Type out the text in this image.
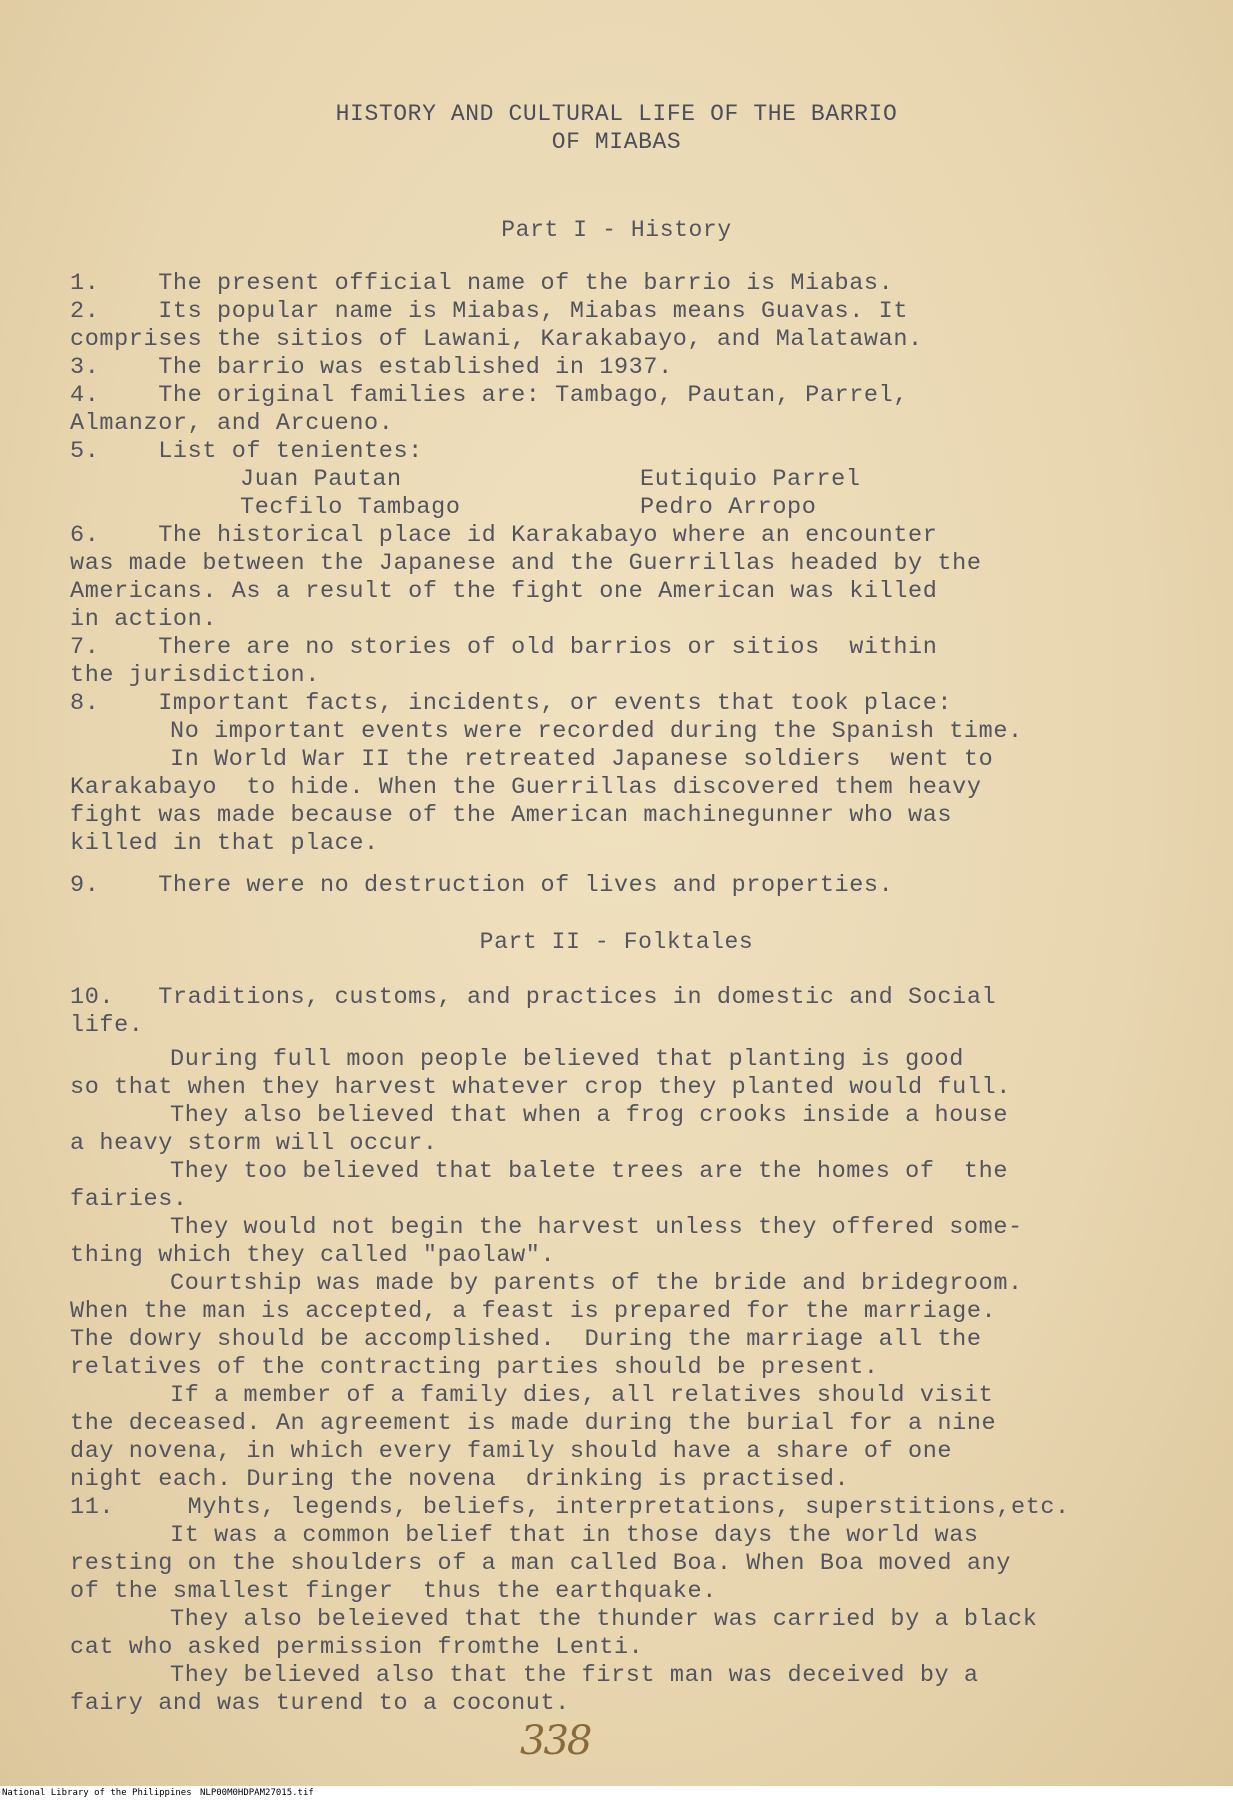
HISTORY AND CULTURAL LIFE OF THE BARRIO
OF MIABAS
Part I - History
1.    The present official name of the barrio is Miabas.
2.    Its popular name is Miabas, Miabas means Guavas. It
comprises the sitios of Lawani, Karakabayo, and Malatawan.
3.    The barrio was established in 1937.
4.    The original families are: Tambago, Pautan, Parrel,
Almanzor, and Arcueno.
5.    List of tenientes:
Juan Pautan	Eutiquio Parrel
Tecfilo Tambago	Pedro Arropo
6.    The historical place id Karakabayo where an encounter
was made between the Japanese and the Guerrillas headed by the
Americans. As a result of the fight one American was killed
in action.
7.    There are no stories of old barrios or sitios  within
the jurisdiction.
8.    Important facts, incidents, or events that took place:
No important events were recorded during the Spanish time.
In World War II the retreated Japanese soldiers  went to
Karakabayo  to hide. When the Guerrillas discovered them heavy
fight was made because of the American machinegunner who was
killed in that place.
9.    There were no destruction of lives and properties.
Part II - Folktales
10.   Traditions, customs, and practices in domestic and Social
life.
During full moon people believed that planting is good
so that when they harvest whatever crop they planted would full.
They also believed that when a frog crooks inside a house
a heavy storm will occur.
They too believed that balete trees are the homes of  the
fairies.
They would not begin the harvest unless they offered some-
thing which they called "paolaw".
Courtship was made by parents of the bride and bridegroom.
When the man is accepted, a feast is prepared for the marriage.
The dowry should be accomplished.  During the marriage all the
relatives of the contracting parties should be present.
If a member of a family dies, all relatives should visit
the deceased. An agreement is made during the burial for a nine
day novena, in which every family should have a share of one
night each. During the novena  drinking is practised.
11.     Myhts, legends, beliefs, interpretations, superstitions,etc.
It was a common belief that in those days the world was
resting on the shoulders of a man called Boa. When Boa moved any
of the smallest finger  thus the earthquake.
They also beleieved that the thunder was carried by a black
cat who asked permission fromthe Lenti.
They believed also that the first man was deceived by a
fairy and was turend to a coconut.
338
National Library of the Philippines NLP00M0HDPAM27015.tif
